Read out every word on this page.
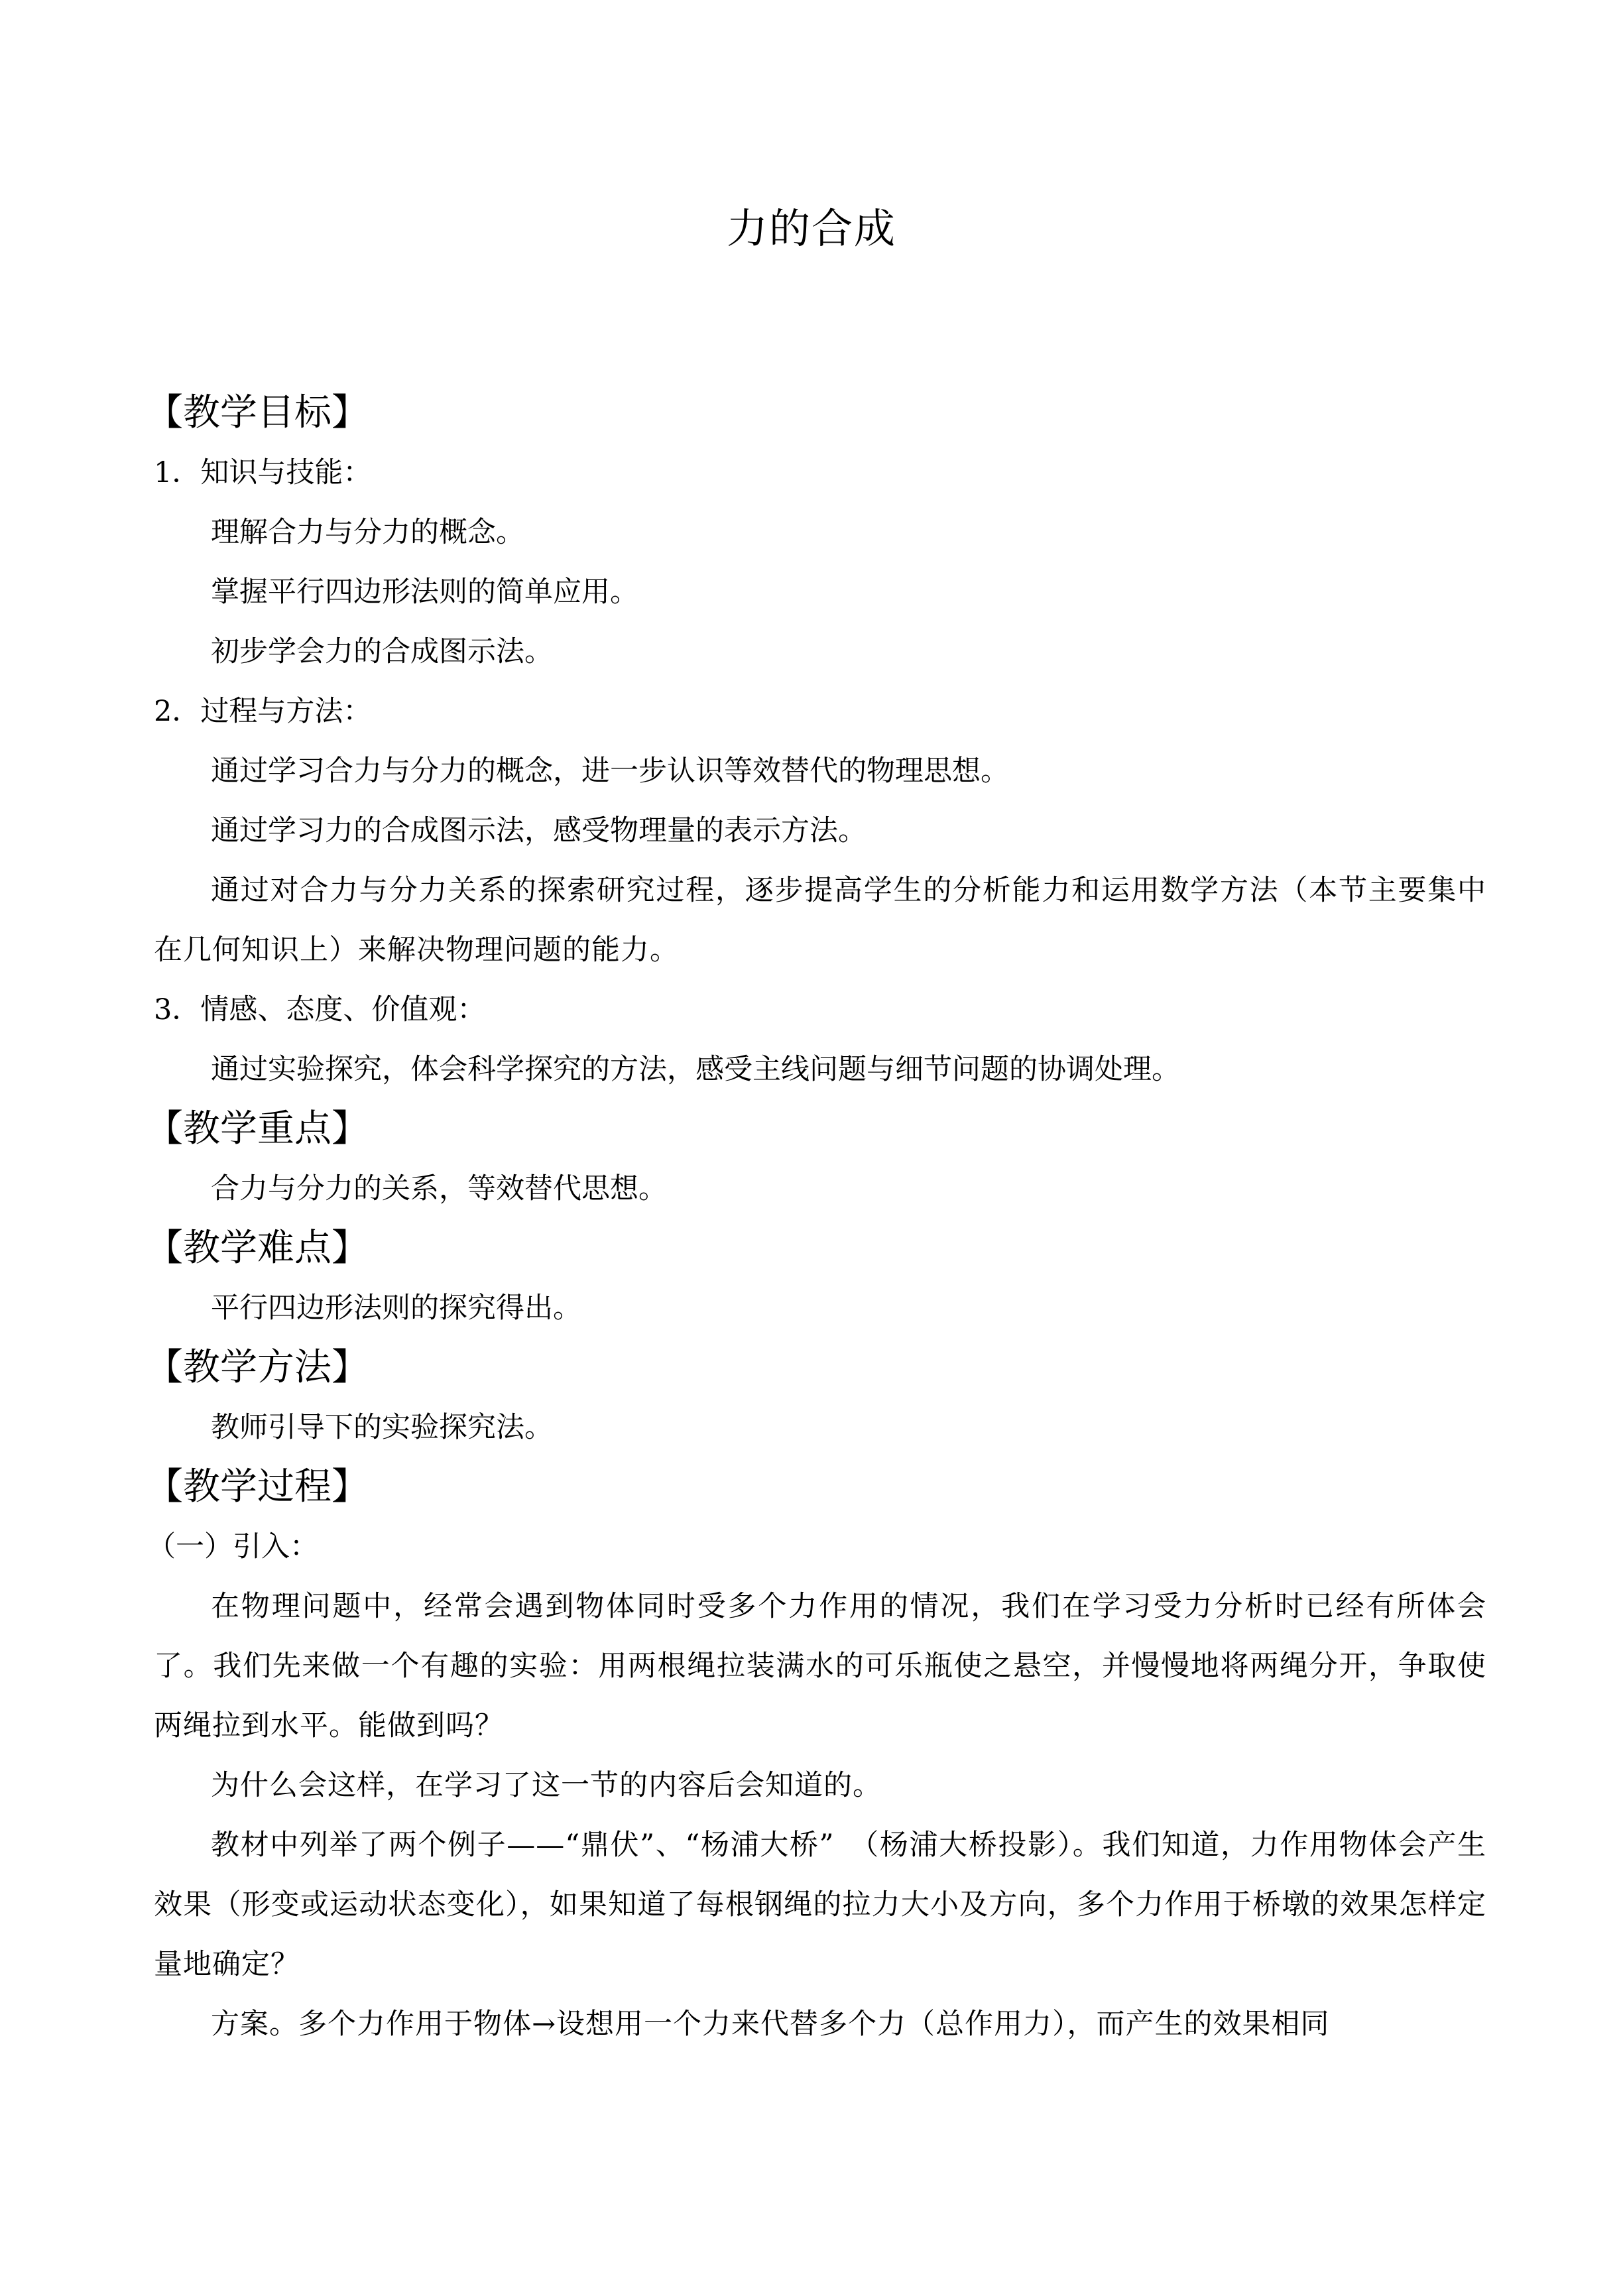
力的合成
【教学目标】
1．知识与技能：
理解合力与分力的概念。
掌握平行四边形法则的简单应用。
初步学会力的合成图示法。
2．过程与方法：
通过学习合力与分力的概念，进一步认识等效替代的物理思想。
通过学习力的合成图示法，感受物理量的表示方法。
通过对合力与分力关系的探索研究过程，逐步提高学生的分析能力和运用数学方法（本节主要集中在几何知识上）来解决物理问题的能力。
3．情感、态度、价值观：
通过实验探究，体会科学探究的方法，感受主线问题与细节问题的协调处理。
【教学重点】
合力与分力的关系，等效替代思想。
【教学难点】
平行四边形法则的探究得出。
【教学方法】
教师引导下的实验探究法。
【教学过程】
（一）引入：
在物理问题中，经常会遇到物体同时受多个力作用的情况，我们在学习受力分析时已经有所体会了。我们先来做一个有趣的实验：用两根绳拉装满水的可乐瓶使之悬空，并慢慢地将两绳分开，争取使两绳拉到水平。能做到吗？
为什么会这样，在学习了这一节的内容后会知道的。
教材中列举了两个例子——“鼎伏”、“杨浦大桥”　（杨浦大桥投影）。我们知道，力作用物体会产生效果（形变或运动状态变化），如果知道了每根钢绳的拉力大小及方向，多个力作用于桥墩的效果怎样定量地确定？
方案。多个力作用于物体→设想用一个力来代替多个力（总作用力），而产生的效果相同
